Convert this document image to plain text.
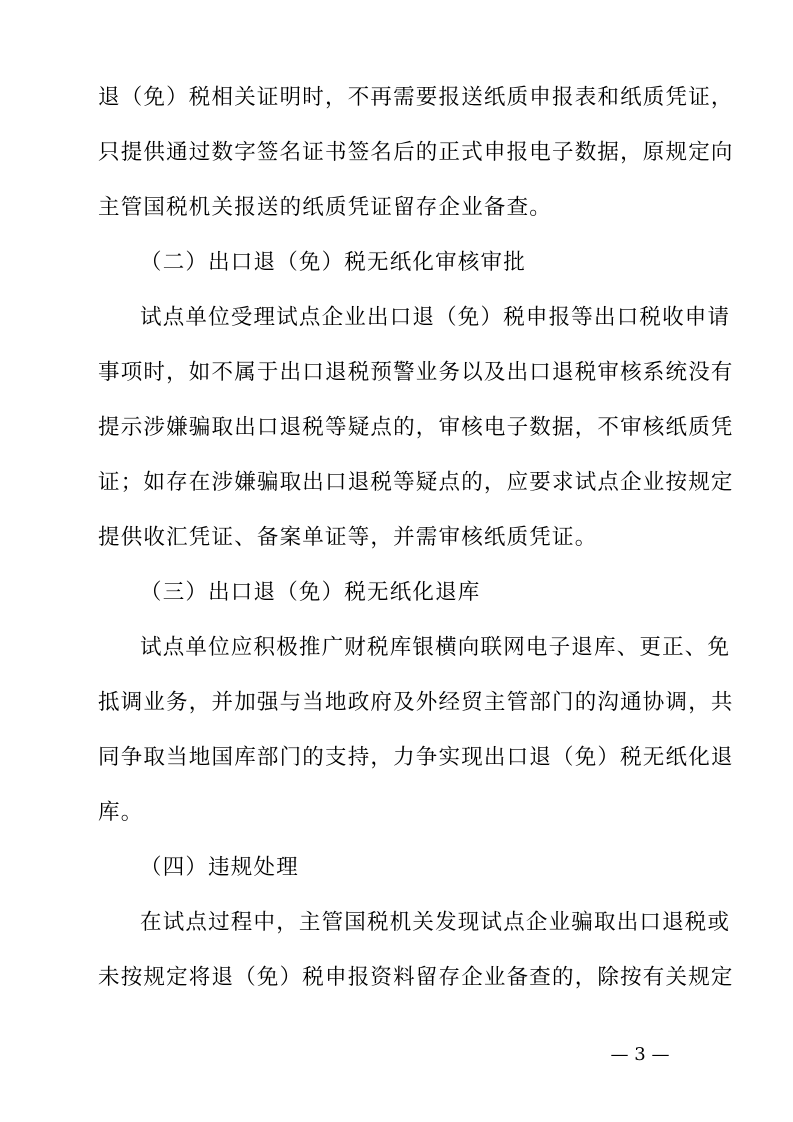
退（免）税相关证明时，不再需要报送纸质申报表和纸质凭证，
只提供通过数字签名证书签名后的正式申报电子数据，原规定向
主管国税机关报送的纸质凭证留存企业备查。
（二）出口退（免）税无纸化审核审批
试点单位受理试点企业出口退（免）税申报等出口税收申请
事项时，如不属于出口退税预警业务以及出口退税审核系统没有
提示涉嫌骗取出口退税等疑点的，审核电子数据，不审核纸质凭
证；如存在涉嫌骗取出口退税等疑点的，应要求试点企业按规定
提供收汇凭证、备案单证等，并需审核纸质凭证。
（三）出口退（免）税无纸化退库
试点单位应积极推广财税库银横向联网电子退库、更正、免
抵调业务，并加强与当地政府及外经贸主管部门的沟通协调，共
同争取当地国库部门的支持，力争实现出口退（免）税无纸化退
库。
（四）违规处理
在试点过程中，主管国税机关发现试点企业骗取出口退税或
未按规定将退（免）税申报资料留存企业备查的，除按有关规定
— 3 —
